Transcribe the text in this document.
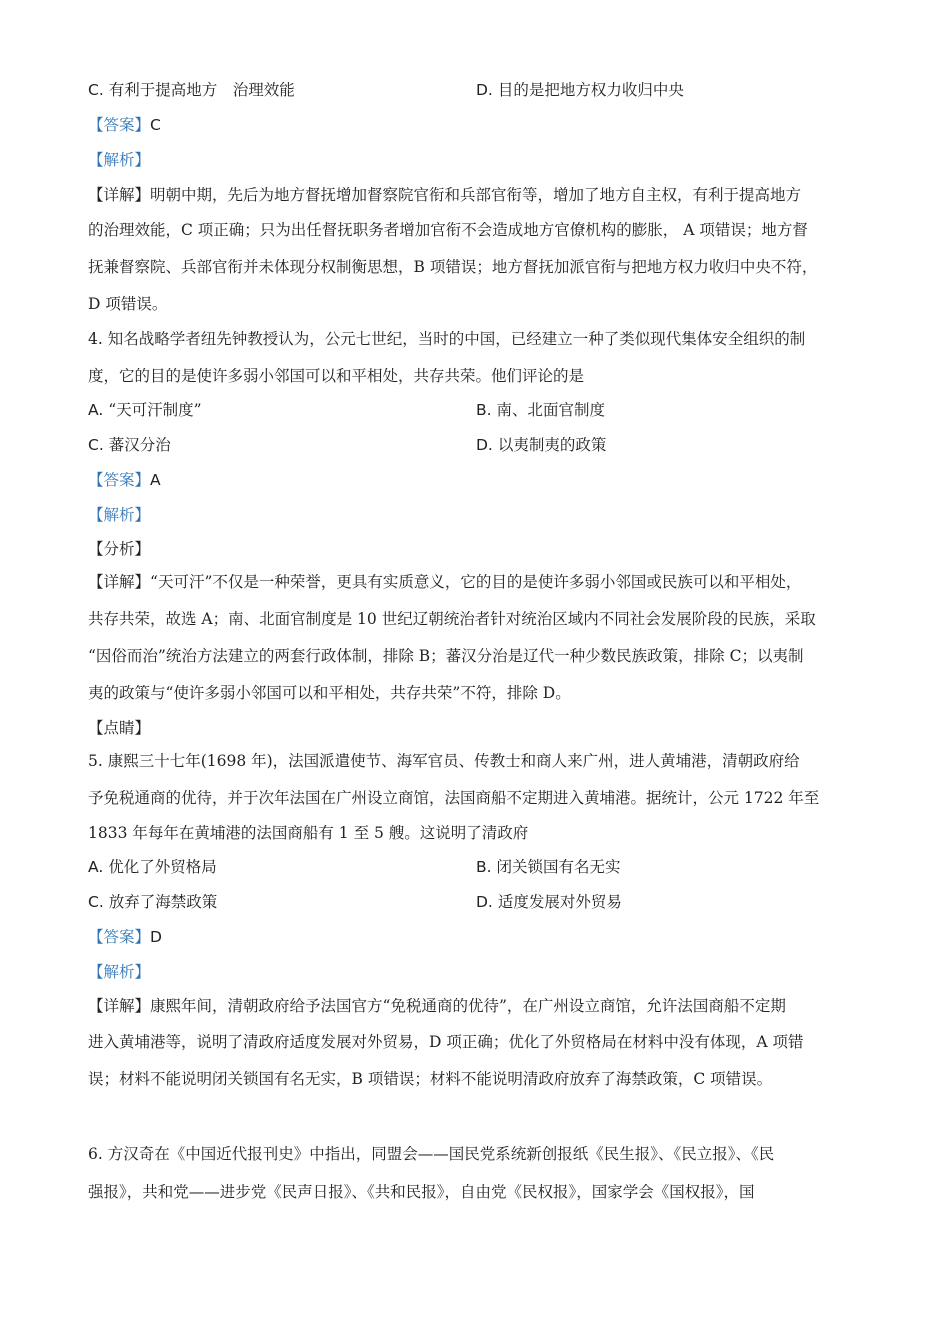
C. 有利于提高地方　治理效能	D. 目的是把地方权力收归中央
【答案】C
【解析】
【详解】明朝中期，先后为地方督抚增加督察院官衔和兵部官衔等，增加了地方自主权，有利于提高地方
的治理效能，C 项正确；只为出任督抚职务者增加官衔不会造成地方官僚机构的膨胀， A 项错误；地方督
抚兼督察院、兵部官衔并未体现分权制衡思想，B 项错误；地方督抚加派官衔与把地方权力收归中央不符，
D 项错误。
4. 知名战略学者纽先钟教授认为，公元七世纪，当时的中国，已经建立一种了类似现代集体安全组织的制
度，它的目的是使许多弱小邻国可以和平相处，共存共荣。他们评论的是
A. “天可汗制度”	B. 南、北面官制度
C. 蕃汉分治	D. 以夷制夷的政策
【答案】A
【解析】
【分析】
【详解】“天可汗”不仅是一种荣誉，更具有实质意义，它的目的是使许多弱小邻国或民族可以和平相处，
共存共荣，故选 A；南、北面官制度是 10 世纪辽朝统治者针对统治区域内不同社会发展阶段的民族，采取
“因俗而治”统治方法建立的两套行政体制，排除 B；蕃汉分治是辽代一种少数民族政策，排除 C；以夷制
夷的政策与“使许多弱小邻国可以和平相处，共存共荣”不符，排除 D。
【点睛】
5. 康熙三十七年(1698 年)，法国派遣使节、海军官员、传教士和商人来广州，进人黄埔港，清朝政府给
予免税通商的优待，并于次年法国在广州设立商馆，法国商船不定期进入黄埔港。据统计，公元 1722 年至
1833 年每年在黄埔港的法国商船有 1 至 5 艘。这说明了清政府
A. 优化了外贸格局	B. 闭关锁国有名无实
C. 放弃了海禁政策	D. 适度发展对外贸易
【答案】D
【解析】
【详解】康熙年间，清朝政府给予法国官方“免税通商的优待”，在广州设立商馆，允许法国商船不定期
进入黄埔港等，说明了清政府适度发展对外贸易，D 项正确；优化了外贸格局在材料中没有体现，A 项错
误；材料不能说明闭关锁国有名无实，B 项错误；材料不能说明清政府放弃了海禁政策，C 项错误。
6. 方汉奇在《中国近代报刊史》中指出，同盟会——国民党系统新创报纸《民生报》、《民立报》、《民
强报》，共和党——进步党《民声日报》、《共和民报》，自由党《民权报》，国家学会《国权报》，国
